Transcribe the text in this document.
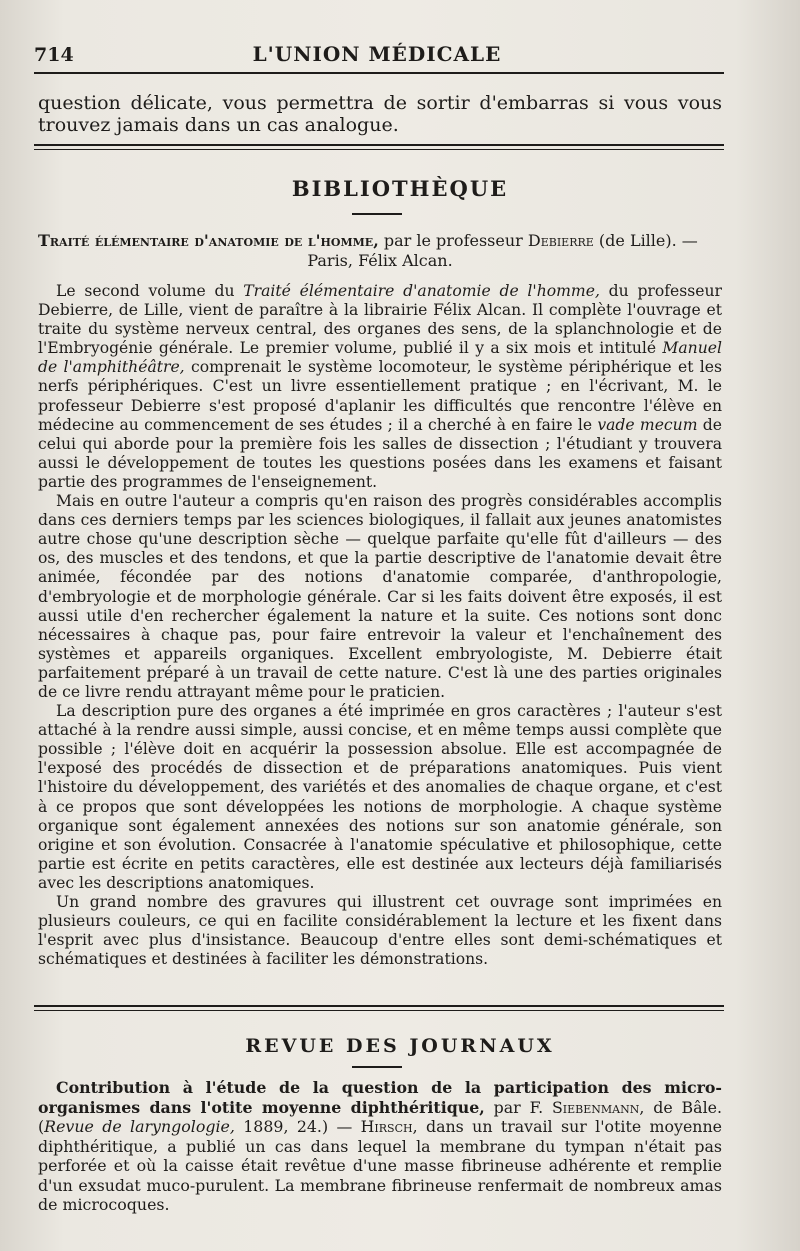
714	L'UNION MÉDICALE

question délicate, vous permettra de sortir d'embarras si vous vous trouvez jamais dans un cas analogue.

BIBLIOTHÈQUE

Traité élémentaire d'anatomie de l'homme, par le professeur Debierre (de Lille). —

Paris, Félix Alcan.

Le second volume du Traité élémentaire d'anatomie de l'homme, du professeur Debierre, de Lille, vient de paraître à la librairie Félix Alcan. Il complète l'ouvrage et traite du système nerveux central, des organes des sens, de la splanchnologie et de l'Embryogénie générale. Le premier volume, publié il y a six mois et intitulé Manuel de l'amphithéâtre, comprenait le système locomoteur, le système périphérique et les nerfs périphériques. C'est un livre essentiellement pratique ; en l'écrivant, M. le professeur Debierre s'est proposé d'aplanir les difficultés que rencontre l'élève en médecine au commencement de ses études ; il a cherché à en faire le vade mecum de celui qui aborde pour la première fois les salles de dissection ; l'étudiant y trouvera aussi le développement de toutes les questions posées dans les examens et faisant partie des programmes de l'enseignement.

Mais en outre l'auteur a compris qu'en raison des progrès considérables accomplis dans ces derniers temps par les sciences biologiques, il fallait aux jeunes anatomistes autre chose qu'une description sèche — quelque parfaite qu'elle fût d'ailleurs — des os, des muscles et des tendons, et que la partie descriptive de l'anatomie devait être animée, fécondée par des notions d'anatomie comparée, d'anthropologie, d'embryologie et de morphologie générale. Car si les faits doivent être exposés, il est aussi utile d'en rechercher également la nature et la suite. Ces notions sont donc nécessaires à chaque pas, pour faire entrevoir la valeur et l'enchaînement des systèmes et appareils organiques. Excellent embryologiste, M. Debierre était parfaitement préparé à un travail de cette nature. C'est là une des parties originales de ce livre rendu attrayant même pour le praticien.

La description pure des organes a été imprimée en gros caractères ; l'auteur s'est attaché à la rendre aussi simple, aussi concise, et en même temps aussi complète que possible ; l'élève doit en acquérir la possession absolue. Elle est accompagnée de l'exposé des procédés de dissection et de préparations anatomiques. Puis vient l'histoire du développement, des variétés et des anomalies de chaque organe, et c'est à ce propos que sont développées les notions de morphologie. A chaque système organique sont également annexées des notions sur son anatomie générale, son origine et son évolution. Consacrée à l'anatomie spéculative et philosophique, cette partie est écrite en petits caractères, elle est destinée aux lecteurs déjà familiarisés avec les descriptions anatomiques.

Un grand nombre des gravures qui illustrent cet ouvrage sont imprimées en plusieurs couleurs, ce qui en facilite considérablement la lecture et les fixent dans l'esprit avec plus d'insistance. Beaucoup d'entre elles sont demi-schématiques et schématiques et destinées à faciliter les démonstrations.

REVUE DES JOURNAUX

Contribution à l'étude de la question de la participation des micro-organismes dans l'otite moyenne diphthéritique, par F. Siebenmann, de Bâle. (Revue de laryngologie, 1889, 24.) — Hirsch, dans un travail sur l'otite moyenne diphthéritique, a publié un cas dans lequel la membrane du tympan n'était pas perforée et où la caisse était revêtue d'une masse fibrineuse adhérente et remplie d'un exsudat muco-purulent. La membrane fibrineuse renfermait de nombreux amas de microcoques.
